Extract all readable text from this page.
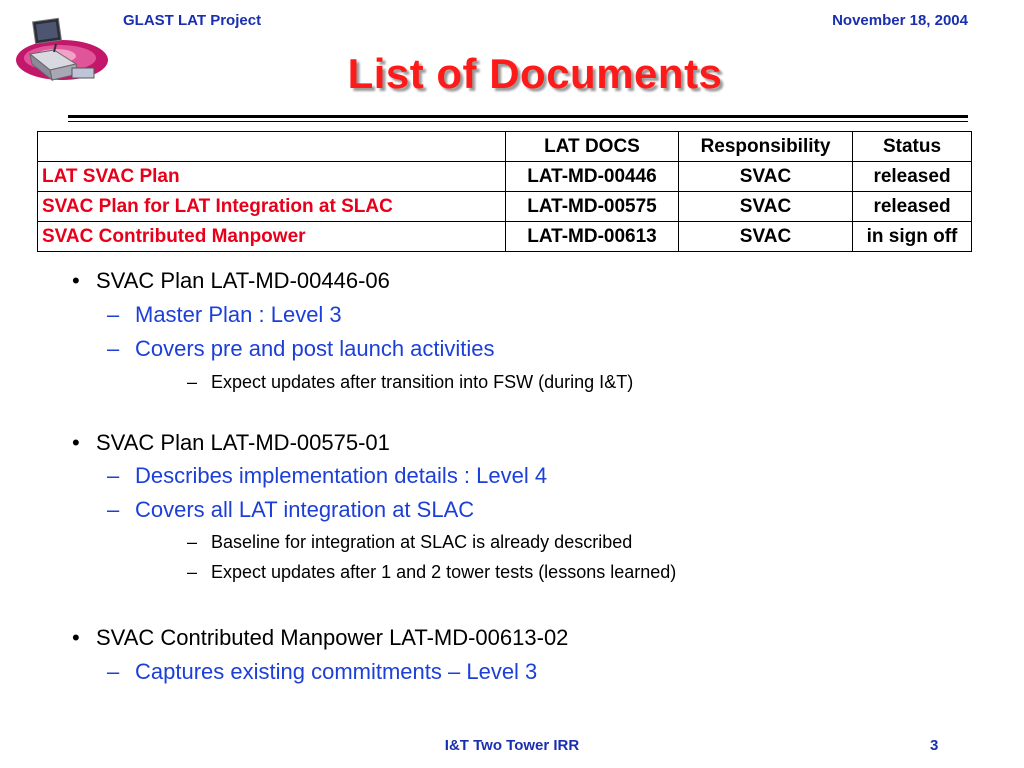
GLAST LAT Project	November 18, 2004
List of Documents
	LAT DOCS	Responsibility	Status
LAT SVAC Plan	LAT-MD-00446	SVAC	released
SVAC Plan for LAT Integration at SLAC	LAT-MD-00575	SVAC	released
SVAC Contributed Manpower	LAT-MD-00613	SVAC	in sign off
• SVAC Plan LAT-MD-00446-06
– Master Plan : Level 3
– Covers pre and post launch activities
– Expect updates after transition into FSW (during I&T)
• SVAC Plan LAT-MD-00575-01
– Describes implementation details : Level 4
– Covers all LAT integration at SLAC
– Baseline for integration at SLAC is already described
– Expect updates after 1 and 2 tower tests (lessons learned)
• SVAC Contributed Manpower LAT-MD-00613-02
– Captures existing commitments – Level 3
I&T Two Tower IRR	3
